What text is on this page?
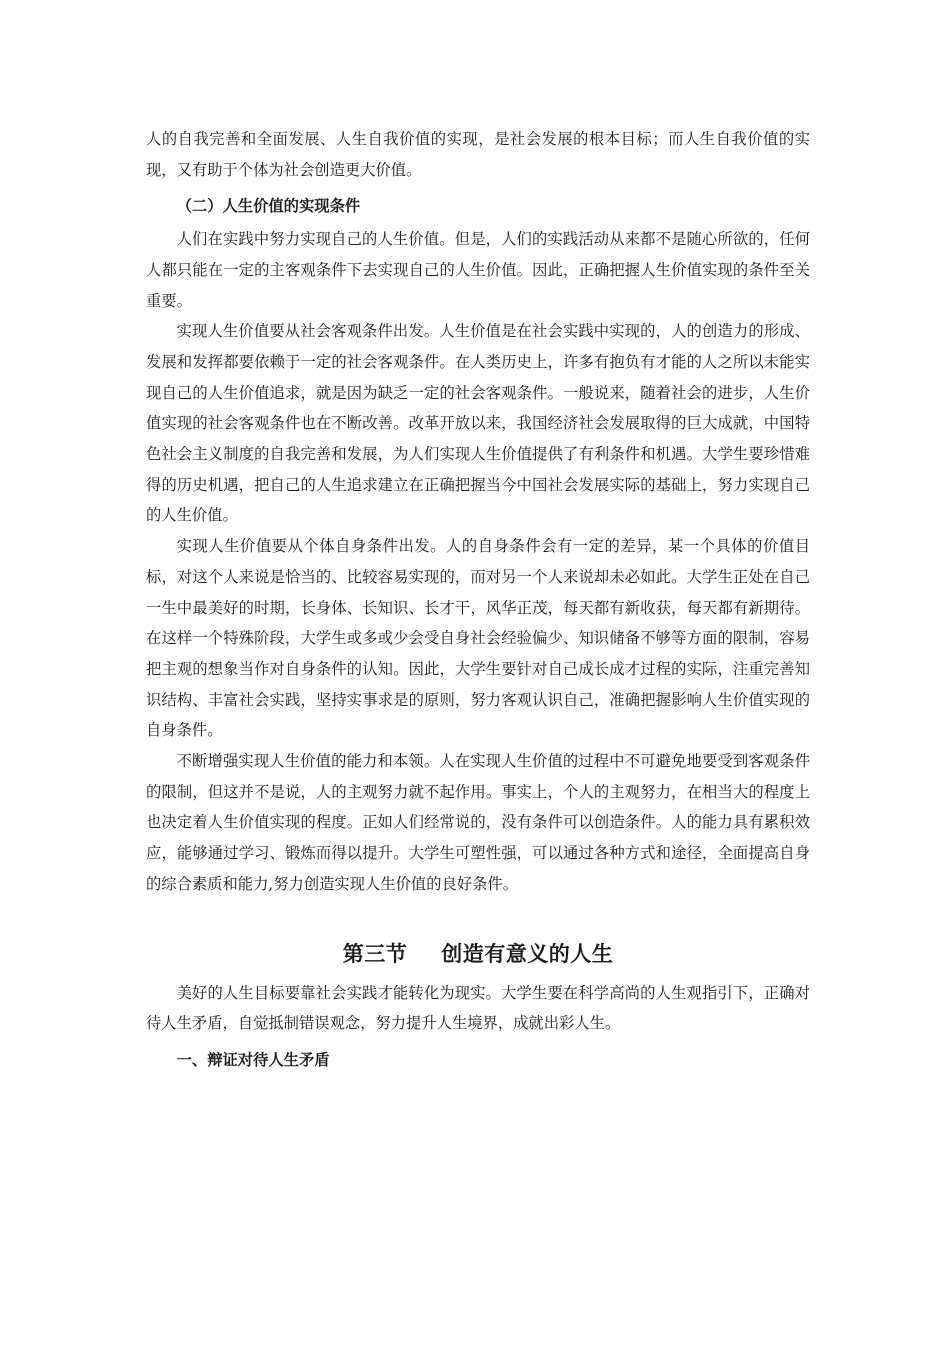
人的自我完善和全面发展、人生自我价值的实现，是社会发展的根本目标；而人生自我价值的实现，又有助于个体为社会创造更大价值。

（二）人生价值的实现条件

人们在实践中努力实现自己的人生价值。但是，人们的实践活动从来都不是随心所欲的，任何人都只能在一定的主客观条件下去实现自己的人生价值。因此，正确把握人生价值实现的条件至关重要。

实现人生价值要从社会客观条件出发。人生价值是在社会实践中实现的，人的创造力的形成、发展和发挥都要依赖于一定的社会客观条件。在人类历史上，许多有抱负有才能的人之所以未能实现自己的人生价值追求，就是因为缺乏一定的社会客观条件。一般说来，随着社会的进步，人生价值实现的社会客观条件也在不断改善。改革开放以来，我国经济社会发展取得的巨大成就，中国特色社会主义制度的自我完善和发展，为人们实现人生价值提供了有利条件和机遇。大学生要珍惜难得的历史机遇，把自己的人生追求建立在正确把握当今中国社会发展实际的基础上，努力实现自己的人生价值。

实现人生价值要从个体自身条件出发。人的自身条件会有一定的差异，某一个具体的价值目标，对这个人来说是恰当的、比较容易实现的，而对另一个人来说却未必如此。大学生正处在自己一生中最美好的时期，长身体、长知识、长才干，风华正茂，每天都有新收获，每天都有新期待。在这样一个特殊阶段，大学生或多或少会受自身社会经验偏少、知识储备不够等方面的限制，容易把主观的想象当作对自身条件的认知。因此，大学生要针对自己成长成才过程的实际，注重完善知识结构、丰富社会实践，坚持实事求是的原则，努力客观认识自己，准确把握影响人生价值实现的自身条件。

不断增强实现人生价值的能力和本领。人在实现人生价值的过程中不可避免地要受到客观条件的限制，但这并不是说，人的主观努力就不起作用。事实上，个人的主观努力，在相当大的程度上也决定着人生价值实现的程度。正如人们经常说的，没有条件可以创造条件。人的能力具有累积效应，能够通过学习、锻炼而得以提升。大学生可塑性强，可以通过各种方式和途径，全面提高自身的综合素质和能力,努力创造实现人生价值的良好条件。

第三节 创造有意义的人生

美好的人生目标要靠社会实践才能转化为现实。大学生要在科学高尚的人生观指引下，正确对待人生矛盾，自觉抵制错误观念，努力提升人生境界，成就出彩人生。

一、辩证对待人生矛盾
